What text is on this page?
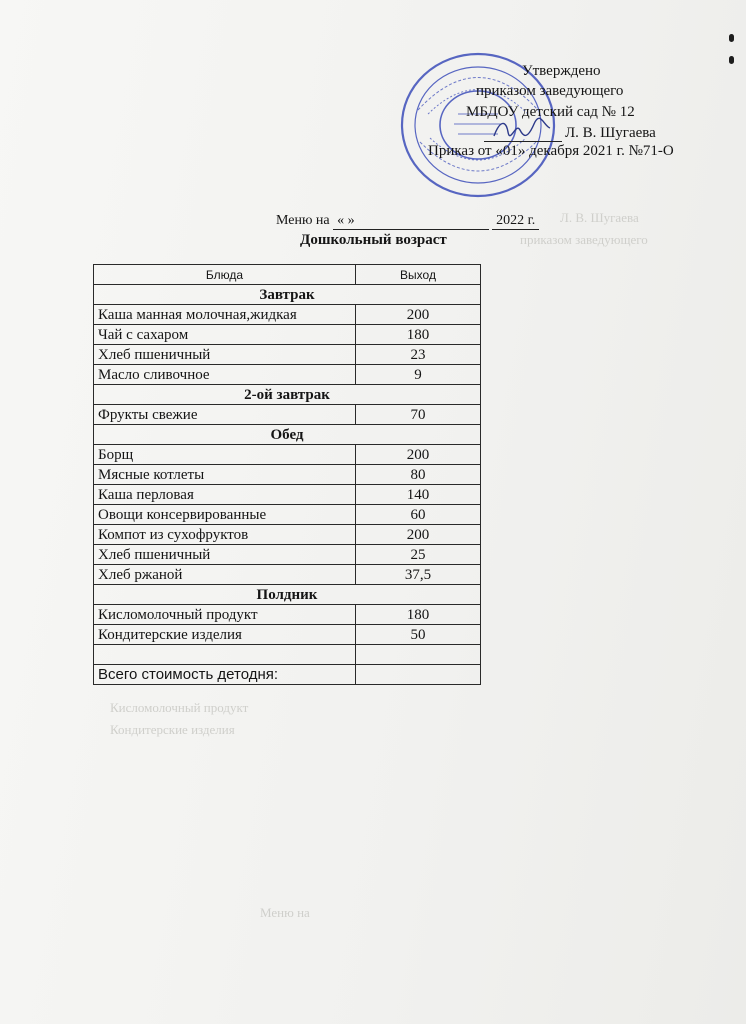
Л. В. Шугаева
приказом заведующего
Кисломолочный продукт
Кондитерские изделия
Меню на
Утверждено
приказом заведующего
МБДОУ детский сад № 12
Л. В. Шугаева
Приказ от «01» декабря 2021 г. №71-О
Меню на « »	2022 г.
Дошкольный возраст
Блюда	Выход
Завтрак	
Каша манная молочная,жидкая	200
Чай с сахаром	180
Хлеб пшеничный	23
Масло сливочное	9
2-ой завтрак	
Фрукты свежие	70
Обед	
Борщ	200
Мясные котлеты	80
Каша перловая	140
Овощи консервированные	60
Компот из сухофруктов	200
Хлеб пшеничный	25
Хлеб ржаной	37,5
Полдник	
Кисломолочный продукт	180
Кондитерские изделия	50

Всего стоимость детодня:	
